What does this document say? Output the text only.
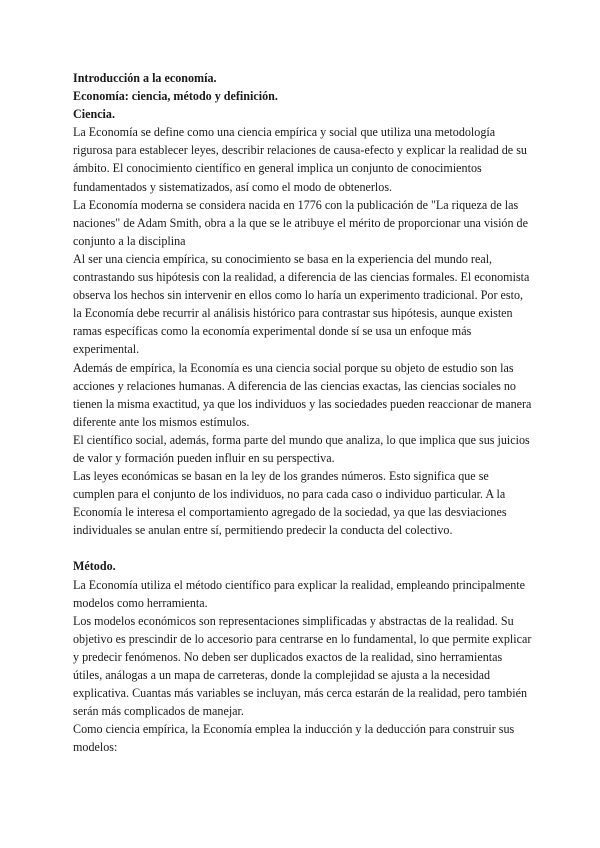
Introducción a la economía.

Economía: ciencia, método y definición.

Ciencia.

La Economía se define como una ciencia empírica y social que utiliza una metodología rigurosa para establecer leyes, describir relaciones de causa-efecto y explicar la realidad de su ámbito. El conocimiento científico en general implica un conjunto de conocimientos fundamentados y sistematizados, así como el modo de obtenerlos.

La Economía moderna se considera nacida en 1776 con la publicación de "La riqueza de las naciones" de Adam Smith, obra a la que se le atribuye el mérito de proporcionar una visión de conjunto a la disciplina

Al ser una ciencia empírica, su conocimiento se basa en la experiencia del mundo real, contrastando sus hipótesis con la realidad, a diferencia de las ciencias formales. El economista observa los hechos sin intervenir en ellos como lo haría un experimento tradicional. Por esto, la Economía debe recurrir al análisis histórico para contrastar sus hipótesis, aunque existen ramas específicas como la economía experimental donde sí se usa un enfoque más experimental.

Además de empírica, la Economía es una ciencia social porque su objeto de estudio son las acciones y relaciones humanas. A diferencia de las ciencias exactas, las ciencias sociales no tienen la misma exactitud, ya que los individuos y las sociedades pueden reaccionar de manera diferente ante los mismos estímulos.

El científico social, además, forma parte del mundo que analiza, lo que implica que sus juicios de valor y formación pueden influir en su perspectiva.

Las leyes económicas se basan en la ley de los grandes números. Esto significa que se cumplen para el conjunto de los individuos, no para cada caso o individuo particular. A la Economía le interesa el comportamiento agregado de la sociedad, ya que las desviaciones individuales se anulan entre sí, permitiendo predecir la conducta del colectivo.

Método.

La Economía utiliza el método científico para explicar la realidad, empleando principalmente modelos como herramienta.

Los modelos económicos son representaciones simplificadas y abstractas de la realidad. Su objetivo es prescindir de lo accesorio para centrarse en lo fundamental, lo que permite explicar y predecir fenómenos. No deben ser duplicados exactos de la realidad, sino herramientas útiles, análogas a un mapa de carreteras, donde la complejidad se ajusta a la necesidad explicativa. Cuantas más variables se incluyan, más cerca estarán de la realidad, pero también serán más complicados de manejar.

Como ciencia empírica, la Economía emplea la inducción y la deducción para construir sus modelos:
